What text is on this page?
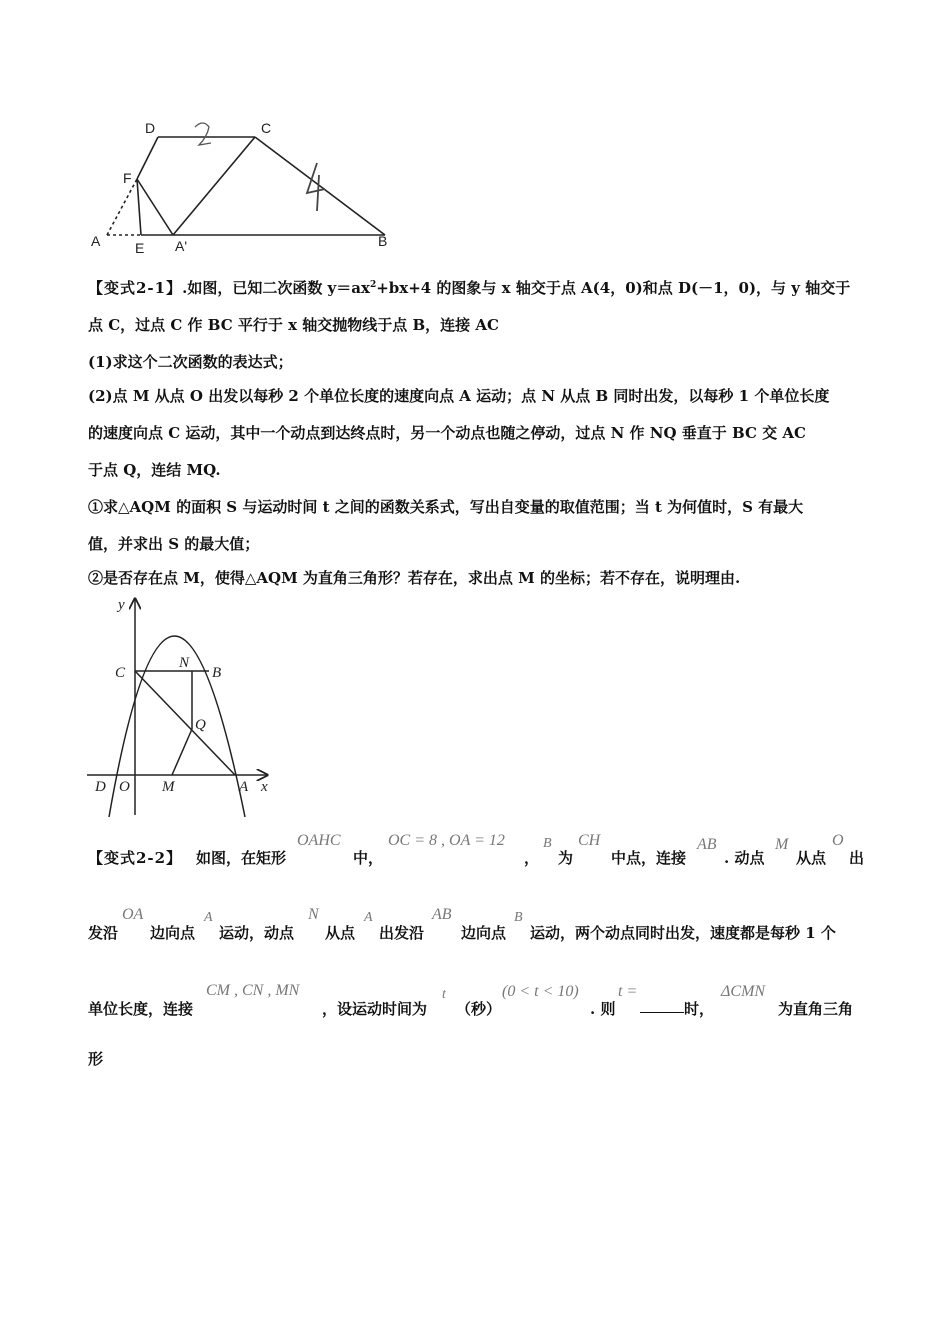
D	C
F
A E A'	B
【变式2-1】.如图，已知二次函数 $y=ax^2+bx+4$ 的图象与 x 轴交于点 A(4，0)和点 D(－1，0)，与 y 轴交于
点 C，过点 C 作 BC 平行于 x 轴交抛物线于点 B，连接 AC
(1)求这个二次函数的表达式；
(2)点 M 从点 O 出发以每秒 2 个单位长度的速度向点 A 运动；点 N 从点 B 同时出发，以每秒 1 个单位长度
的速度向点 C 运动，其中一个动点到达终点时，另一个动点也随之停动，过点 N 作 NQ 垂直于 BC 交 AC
于点 Q，连结 MQ.
①求△AQM 的面积 S 与运动时间 t 之间的函数关系式，写出自变量的取值范围；当 t 为何值时，S 有最大
值，并求出 S 的最大值；
②是否存在点 M，使得△AQM 为直角三角形？若存在，求出点 M 的坐标；若不存在，说明理由.
y
x
C
N
B
Q
D O M	A
【变式2-2】 如图，在矩形
OAHC
中，
OC = 8 , OA = 12
，
B
为
CH
中点，连接
AB
. 动点
M
从点
O
出
发沿
OA
边向点
A
运动，动点
N
从点
A
出发沿
AB
边向点
B
运动，两个动点同时出发，速度都是每秒 1 个
单位长度，连接
CM , CN , MN
，设运动时间为
t
（秒）
(0 < t < 10)
. 则
t =
时，
ΔCMN
为直角三角
形
